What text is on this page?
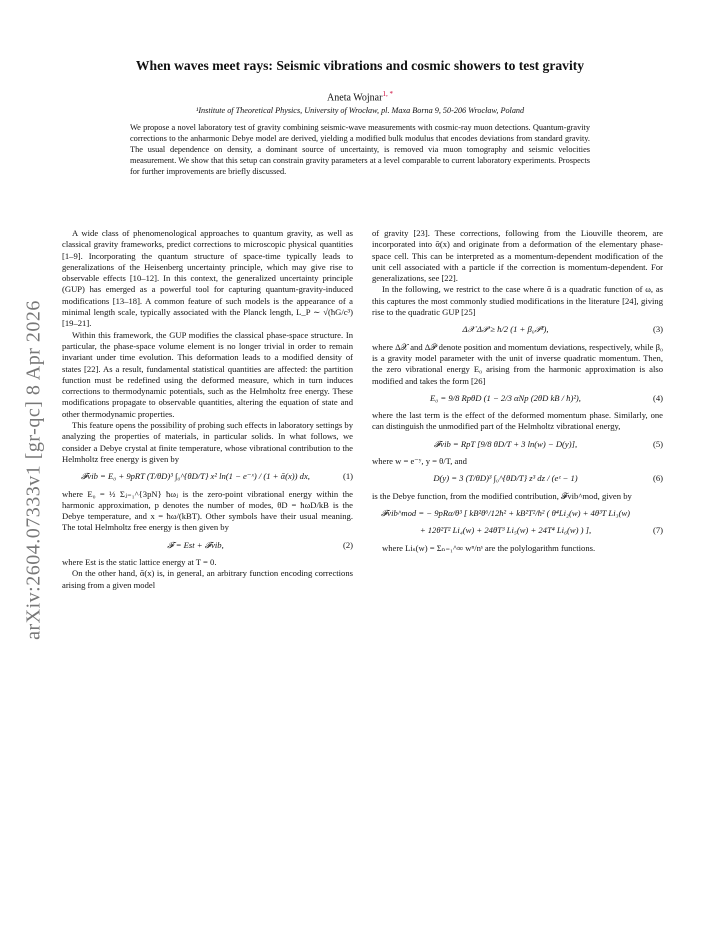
arXiv:2604.07333v1 [gr-qc] 8 Apr 2026

When waves meet rays: Seismic vibrations and cosmic showers to test gravity

Aneta Wojnar$^{1, *}$
¹Institute of Theoretical Physics, University of Wrocław, pl. Maxa Borna 9, 50-206 Wrocław, Poland
We propose a novel laboratory test of gravity combining seismic-wave measurements with cosmic-ray muon detections. Quantum-gravity corrections to the anharmonic Debye model are derived, yielding a modified bulk modulus that encodes deviations from standard gravity. The usual dependence on density, a dominant source of uncertainty, is removed via muon tomography and seismic velocities measurement. We show that this setup can constrain gravity parameters at a level comparable to current laboratory experiments. Prospects for further improvements are briefly discussed.

A wide class of phenomenological approaches to quantum gravity, as well as classical gravity frameworks, predict corrections to microscopic physical quantities [1–9]. Incorporating the quantum structure of space-time typically leads to generalizations of the Heisenberg uncertainty principle, which may give rise to observable effects [10–12]. In this context, the generalized uncertainty principle (GUP) has emerged as a powerful tool for capturing quantum-gravity-induced modifications [13–18]. A common feature of such models is the appearance of a minimal length scale, typically associated with the Planck length, L_P ∼ √(ħG/c³) [19–21].

Within this framework, the GUP modifies the classical phase-space structure. In particular, the phase-space volume element is no longer trivial in order to remain invariant under time evolution. This deformation leads to a modified density of states [22]. As a result, fundamental statistical quantities are affected: the partition function must be redefined using the deformed measure, which in turn induces corrections to thermodynamic potentials, such as the Helmholtz free energy. These modifications propagate to observable quantities, altering the equation of state and other thermodynamic properties.

This feature opens the possibility of probing such effects in laboratory settings by analyzing the properties of materials, in particular solids. In what follows, we consider a Debye crystal at finite temperature, whose vibrational contribution to the Helmholtz free energy is given by

𝓕vib = E₀ + 9pRT (T/θD)³ ∫₀^{θD/T} x² ln(1 − e⁻ˣ) / (1 + ᾱ(x)) dx,	(1)

where E₀ = ½ Σⱼ₌₁^{3pN} ħωⱼ is the zero-point vibrational energy within the harmonic approximation, p denotes the number of modes, θD = ħωD/kB is the Debye temperature, and x = ħω/(kBT). Other symbols have their usual meaning. The total Helmholtz free energy is then given by

𝓕 = Est + 𝓕vib,	(2)

where Est is the static lattice energy at T = 0.

On the other hand, ᾱ(x) is, in general, an arbitrary function encoding corrections arising from a given model

of gravity [23]. These corrections, following from the Liouville theorem, are incorporated into ᾱ(x) and originate from a deformation of the elementary phase-space cell. This can be interpreted as a momentum-dependent modification of the unit cell associated with a particle if the correction is momentum-dependent. For generalizations, see [22].

In the following, we restrict to the case where ᾱ is a quadratic function of ω, as this captures the most commonly studied modifications in the literature [24], giving rise to the quadratic GUP [25]

Δ𝒳 Δ𝒫 ≥ ħ/2 (1 + β₀𝒫²),	(3)

where Δ𝒳 and Δ𝒫 denote position and momentum deviations, respectively, while β₀ is a gravity model parameter with the unit of inverse quadratic momentum. Then, the zero vibrational energy E₀ arising from the harmonic approximation is also modified and takes the form [26]

E₀ = 9/8 RpθD (1 − 2/3 αNp (2θD kB / ħ)²),	(4)

where the last term is the effect of the deformed momentum phase. Similarly, one can distinguish the unmodified part of the Helmholtz vibrational energy,

𝓕vib = RpT [9/8 θD/T + 3 ln(w) − D(y)],	(5)

where w = e⁻ʸ, y = θ/T, and

D(y) = 3 (T/θD)³ ∫₀^{θD/T} z³ dz / (eᶻ − 1)	(6)

is the Debye function, from the modified contribution, 𝓕vib^mod, given by

𝓕vib^mod = − 9pRα/θ³ [ kB²θ⁶/12ħ² + kB²T²/ħ² ( θ⁴Li₂(w) + 4θ³T Li₃(w)
+ 12θ²T² Li₄(w) + 24θT³ Li₅(w) + 24T⁴ Li₆(w) ) ],	(7)

where Liₛ(w) = Σₙ₌₁^∞ wⁿ/nˢ are the polylogarithm functions.
